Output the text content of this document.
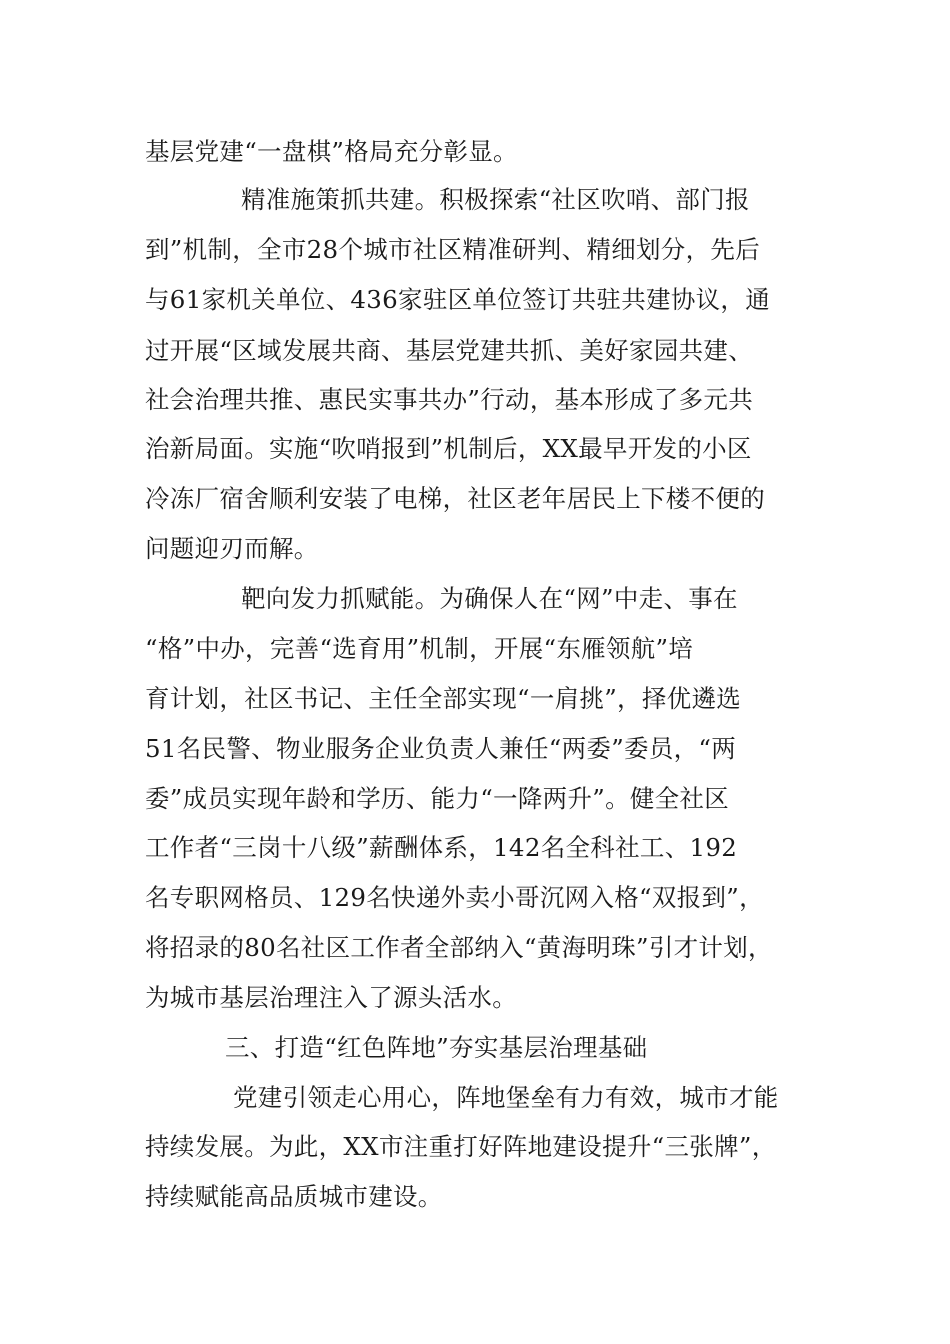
基层党建“一盘棋”格局充分彰显。
精准施策抓共建。积极探索“社区吹哨、部门报
到”机制，全市28个城市社区精准研判、精细划分，先后
与61家机关单位、436家驻区单位签订共驻共建协议，通
过开展“区域发展共商、基层党建共抓、美好家园共建、
社会治理共推、惠民实事共办”行动，基本形成了多元共
治新局面。实施“吹哨报到”机制后，XX最早开发的小区
冷冻厂宿舍顺利安装了电梯，社区老年居民上下楼不便的
问题迎刃而解。
靶向发力抓赋能。为确保人在“网”中走、事在
“格”中办，完善“选育用”机制，开展“东雁领航”培
育计划，社区书记、主任全部实现“一肩挑”，择优遴选
51名民警、物业服务企业负责人兼任“两委”委员，“两
委”成员实现年龄和学历、能力“一降两升”。健全社区
工作者“三岗十八级”薪酬体系，142名全科社工、192
名专职网格员、129名快递外卖小哥沉网入格“双报到”，
将招录的80名社区工作者全部纳入“黄海明珠”引才计划，
为城市基层治理注入了源头活水。
三、打造“红色阵地”夯实基层治理基础
党建引领走心用心，阵地堡垒有力有效，城市才能
持续发展。为此，XX市注重打好阵地建设提升“三张牌”，
持续赋能高品质城市建设。
